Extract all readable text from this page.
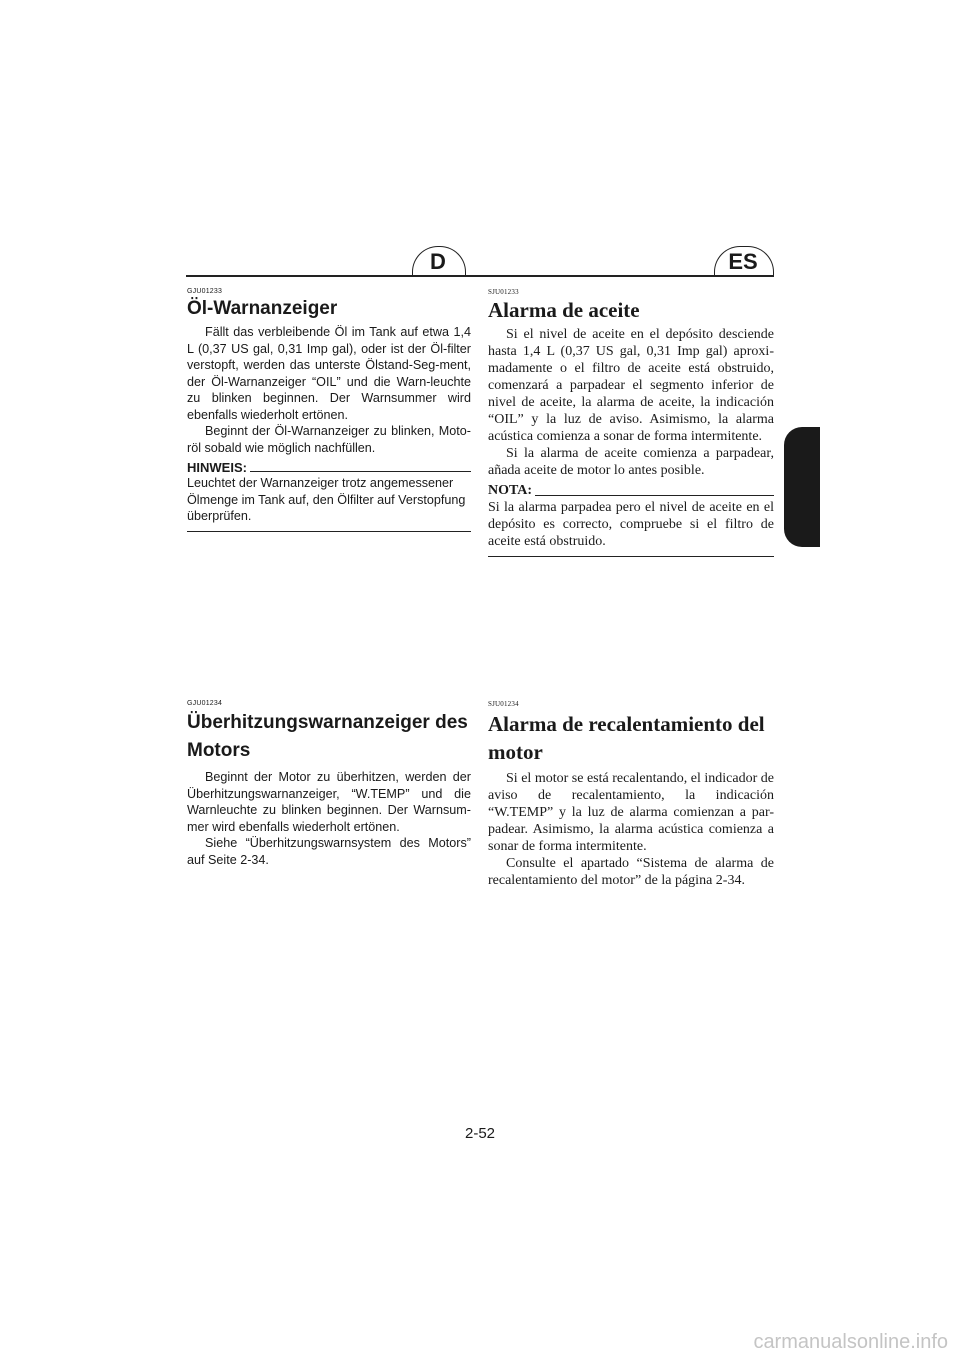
D	ES
GJU01233
Öl-Warnanzeiger

Fällt das verbleibende Öl im Tank auf etwa 1,4 L (0,37 US gal, 0,31 Imp gal), oder ist der Öl-filter verstopft, werden das unterste Ölstand-Seg-ment, der Öl-Warnanzeiger “OIL” und die Warn-leuchte zu blinken beginnen. Der Warnsummer wird ebenfalls wiederholt ertönen.

Beginnt der Öl-Warnanzeiger zu blinken, Moto-röl sobald wie möglich nachfüllen.

HINWEIS:

Leuchtet der Warnanzeiger trotz angemessener Ölmenge im Tank auf, den Ölfilter auf Verstopfung überprüfen.

SJU01233
Alarma de aceite

Si el nivel de aceite en el depósito desciende hasta 1,4 L (0,37 US gal, 0,31 Imp gal) aproxi-madamente o el filtro de aceite está obstruido, comenzará a parpadear el segmento inferior de nivel de aceite, la alarma de aceite, la indicación “OIL” y la luz de aviso. Asimismo, la alarma acústica comienza a sonar de forma intermitente.

Si la alarma de aceite comienza a parpadear, añada aceite de motor lo antes posible.

NOTA:

Si la alarma parpadea pero el nivel de aceite en el depósito es correcto, compruebe si el filtro de aceite está obstruido.

GJU01234
Überhitzungswarnanzeiger des Motors

Beginnt der Motor zu überhitzen, werden der Überhitzungswarnanzeiger, “W.TEMP” und die Warnleuchte zu blinken beginnen. Der Warnsum-mer wird ebenfalls wiederholt ertönen.

Siehe “Überhitzungswarnsystem des Motors” auf Seite 2-34.

SJU01234
Alarma de recalentamiento del motor

Si el motor se está recalentando, el indicador de aviso de recalentamiento, la indicación “W.TEMP” y la luz de alarma comienzan a par-padear. Asimismo, la alarma acústica comienza a sonar de forma intermitente.

Consulte el apartado “Sistema de alarma de recalentamiento del motor” de la página 2-34.

2-52
carmanualsonline.info
